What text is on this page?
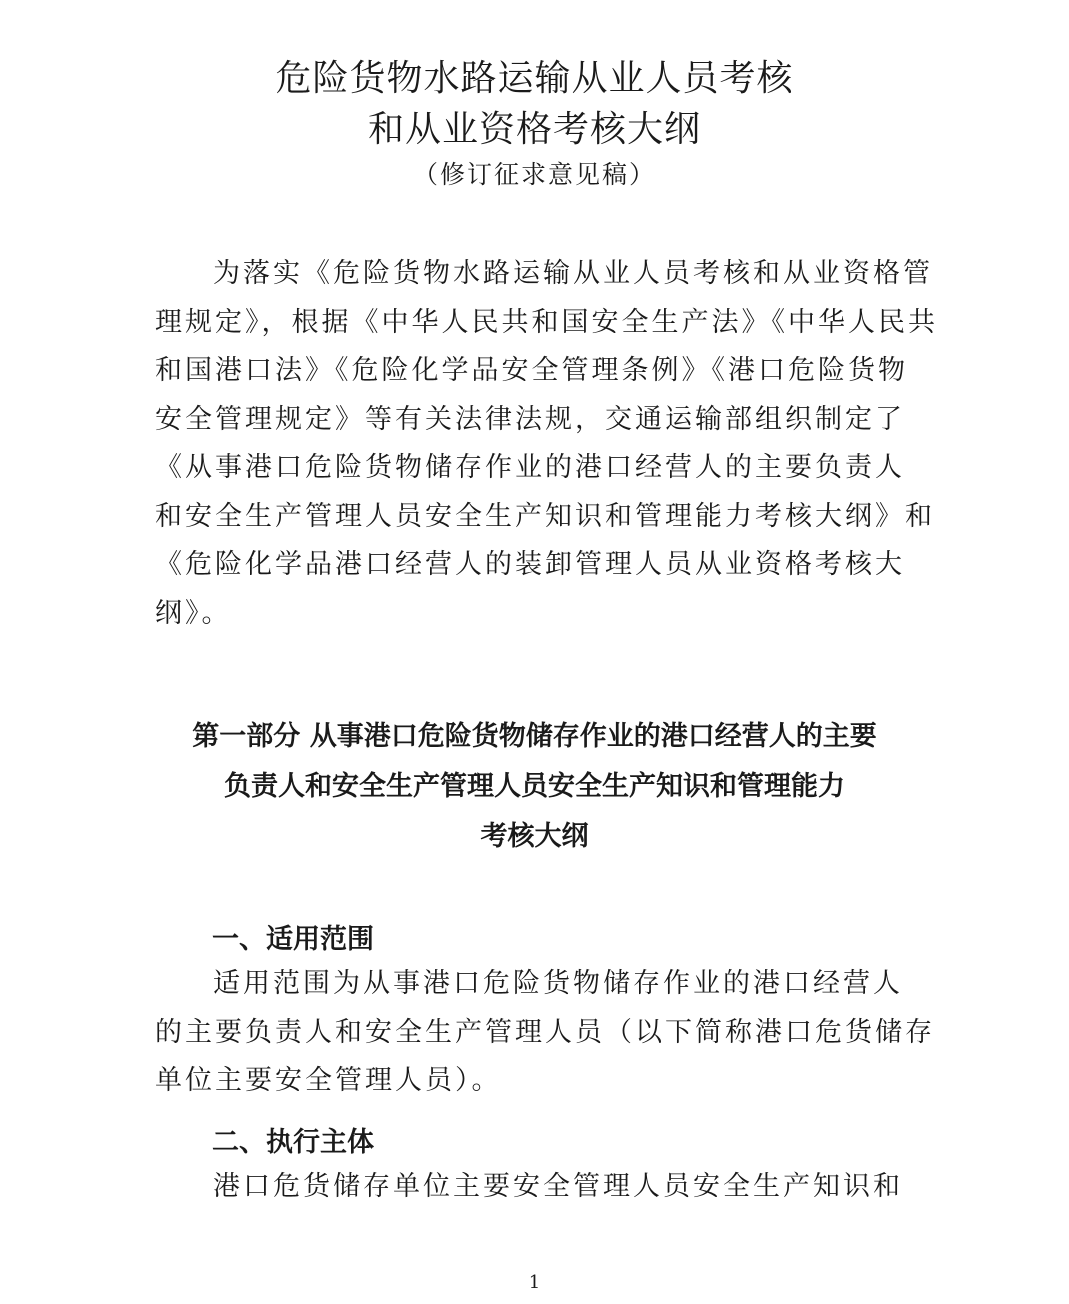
危险货物水路运输从业人员考核
和从业资格考核大纲
（修订征求意见稿）
为落实《危险货物水路运输从业人员考核和从业资格管
理规定》，根据《中华人民共和国安全生产法》《中华人民共
和国港口法》《危险化学品安全管理条例》《港口危险货物
安全管理规定》等有关法律法规，交通运输部组织制定了
《从事港口危险货物储存作业的港口经营人的主要负责人
和安全生产管理人员安全生产知识和管理能力考核大纲》和
《危险化学品港口经营人的装卸管理人员从业资格考核大
纲》。
第一部分 从事港口危险货物储存作业的港口经营人的主要
负责人和安全生产管理人员安全生产知识和管理能力
考核大纲
一、适用范围
适用范围为从事港口危险货物储存作业的港口经营人
的主要负责人和安全生产管理人员（以下简称港口危货储存
单位主要安全管理人员）。
二、执行主体
港口危货储存单位主要安全管理人员安全生产知识和
1
